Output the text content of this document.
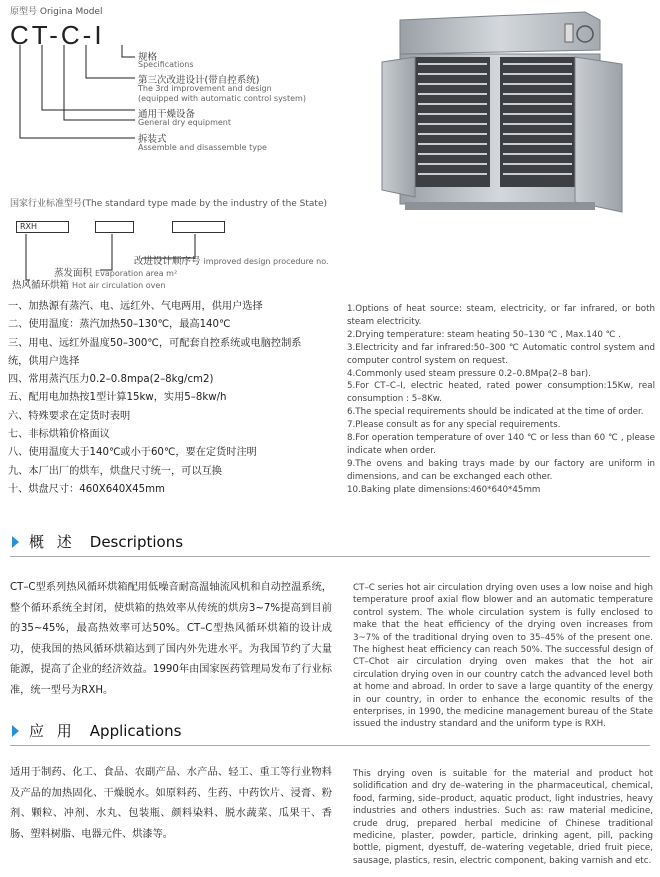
原型号 Origina Model
CT-C-I
规格
Specifications
第三次改进设计(带自控系统)
The 3rd improvement and design
(equipped with automatic control system)
通用干燥设备
General dry equipment
拆装式
Assemble and disassemble type
国家行业标准型号(The standard type made by the industry of the State)
RXH
改进设计顺序号 improved design procedure no.
蒸发面积 Evaporation area m²
热风循环烘箱 Hot air circulation oven
一、加热源有蒸汽、电、远红外、气电两用，供用户选择
二、使用温度：蒸汽加热50–130℃，最高140℃
三、用电、远红外温度50–300℃，可配套自控系统或电脑控制系
统，供用户选择
四、常用蒸汽压力0.2–0.8mpa(2–8kg/cm2)
五、配用电加热按1型计算15kw，实用5–8kw/h
六、特殊要求在定货时表明
七、非标烘箱价格面议
八、使用温度大于140℃或小于60℃，要在定货时注明
九、本厂出厂的烘车，烘盘尺寸统一，可以互换
十、烘盘尺寸：460X640X45mm
1.Options of heat source: steam, electricity, or far infrared, or both steam electricity.
2.Drying temperature: steam heating 50–130 ℃ , Max.140 ℃ .
3.Electricity and far infrared:50–300 ℃ Automatic control system and computer control system on request.
4.Commonly used steam pressure 0.2–0.8Mpa(2–8 bar).
5.For CT–C–I, electric heated, rated power consumption:15Kw, real consumption : 5–8Kw.
6.The special requirements should be indicated at the time of order.
7.Please consult as for any special requirements.
8.For operation temperature of over 140 ℃ or less than 60 ℃ , please indicate when order.
9.The ovens and baking trays made by our factory are uniform in dimensions, and can be exchanged each other.
10.Baking plate dimensions:460*640*45mm
概 述 Descriptions
CT–C型系列热风循环烘箱配用低噪音耐高温轴流风机和自动控温系统，整个循环系统全封闭，使烘箱的热效率从传统的烘房3~7%提高到目前的35~45%，最高热效率可达50%。CT–C型热风循环烘箱的设计成功，使我国的热风循环烘箱达到了国内外先进水平。为我国节约了大量能源，提高了企业的经济效益。1990年由国家医药管理局发布了行业标准，统一型号为RXH。
CT–C series hot air circulation drying oven uses a low noise and high temperature proof axial flow blower and an automatic temperature control system. The whole circulation system is fully enclosed to make that the heat efficiency of the drying oven increases from 3~7% of the traditional drying oven to 35–45% of the present one. The highest heat efficiency can reach 50%. The successful design of CT–Chot air circulation drying oven makes that the hot air circulation drying oven in our country catch the advanced level both at home and abroad. In order to save a large quantity of the energy in our country, in order to enhance the economic results of the enterprises, in 1990, the medicine management bureau of the State issued the industry standard and the uniform type is RXH.
应 用 Applications
适用于制药、化工、食品、农副产品、水产品、轻工、重工等行业物料及产品的加热固化、干燥脱水。如原料药、生药、中药饮片、浸膏、粉剂、颗粒、冲剂、水丸、包装瓶、颜料染料、脱水蔬菜、瓜果干、香肠、塑料树脂、电器元件、烘漆等。
This drying oven is suitable for the material and product hot solidification and dry de–watering in the pharmaceutical, chemical, food, farming, side–product, aquatic product, light industries, heavy industries and others industries. Such as: raw material medicine, crude drug, prepared herbal medicine of Chinese traditional medicine, plaster, powder, particle, drinking agent, pill, packing bottle, pigment, dyestuff, de–watering vegetable, dried fruit piece, sausage, plastics, resin, electric component, baking varnish and etc.
